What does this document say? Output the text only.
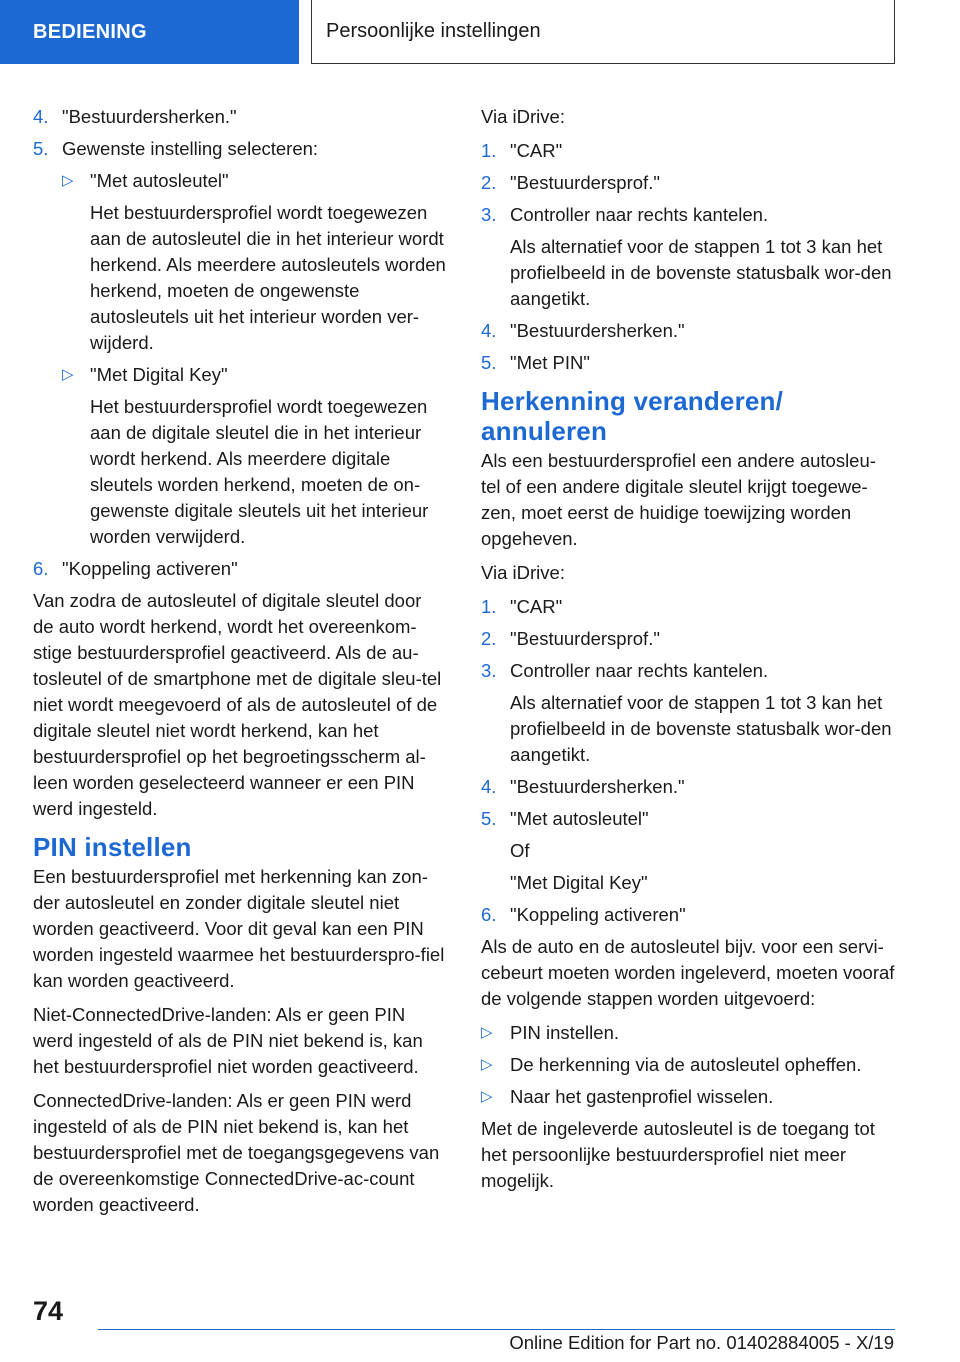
BEDIENING	Persoonlijke instellingen
4. "Bestuurdersherken."
5. Gewenste instelling selecteren:
▷ "Met autosleutel"
Het bestuurdersprofiel wordt toegewezen aan de autosleutel die in het interieur wordt herkend. Als meerdere autosleutels worden herkend, moeten de ongewenste autosleutels uit het interieur worden ver-wijderd.
▷ "Met Digital Key"
Het bestuurdersprofiel wordt toegewezen aan de digitale sleutel die in het interieur wordt herkend. Als meerdere digitale sleutels worden herkend, moeten de on-gewenste digitale sleutels uit het interieur worden verwijderd.
6. "Koppeling activeren"
Van zodra de autosleutel of digitale sleutel door de auto wordt herkend, wordt het overeenkom-stige bestuurdersprofiel geactiveerd. Als de au-tosleutel of de smartphone met de digitale sleu-tel niet wordt meegevoerd of als de autosleutel of de digitale sleutel niet wordt herkend, kan het bestuurdersprofiel op het begroetingsscherm al-leen worden geselecteerd wanneer er een PIN werd ingesteld.
PIN instellen
Een bestuurdersprofiel met herkenning kan zon-der autosleutel en zonder digitale sleutel niet worden geactiveerd. Voor dit geval kan een PIN worden ingesteld waarmee het bestuurderspro-fiel kan worden geactiveerd.
Niet-ConnectedDrive-landen: Als er geen PIN werd ingesteld of als de PIN niet bekend is, kan het bestuurdersprofiel niet worden geactiveerd.
ConnectedDrive-landen: Als er geen PIN werd ingesteld of als de PIN niet bekend is, kan het bestuurdersprofiel met de toegangsgegevens van de overeenkomstige ConnectedDrive-ac-count worden geactiveerd.
Via iDrive:
1. "CAR"
2. "Bestuurdersprof."
3. Controller naar rechts kantelen.
Als alternatief voor de stappen 1 tot 3 kan het profielbeeld in de bovenste statusbalk wor-den aangetikt.
4. "Bestuurdersherken."
5. "Met PIN"
Herkenning veranderen/ annuleren
Als een bestuurdersprofiel een andere autosleu-tel of een andere digitale sleutel krijgt toegewe-zen, moet eerst de huidige toewijzing worden opgeheven.
Via iDrive:
1. "CAR"
2. "Bestuurdersprof."
3. Controller naar rechts kantelen.
Als alternatief voor de stappen 1 tot 3 kan het profielbeeld in de bovenste statusbalk wor-den aangetikt.
4. "Bestuurdersherken."
5. "Met autosleutel"
Of
"Met Digital Key"
6. "Koppeling activeren"
Als de auto en de autosleutel bijv. voor een servi-cebeurt moeten worden ingeleverd, moeten vooraf de volgende stappen worden uitgevoerd:
▷ PIN instellen.
▷ De herkenning via de autosleutel opheffen.
▷ Naar het gastenprofiel wisselen.
Met de ingeleverde autosleutel is de toegang tot het persoonlijke bestuurdersprofiel niet meer mogelijk.
74
Online Edition for Part no. 01402884005 - X/19
